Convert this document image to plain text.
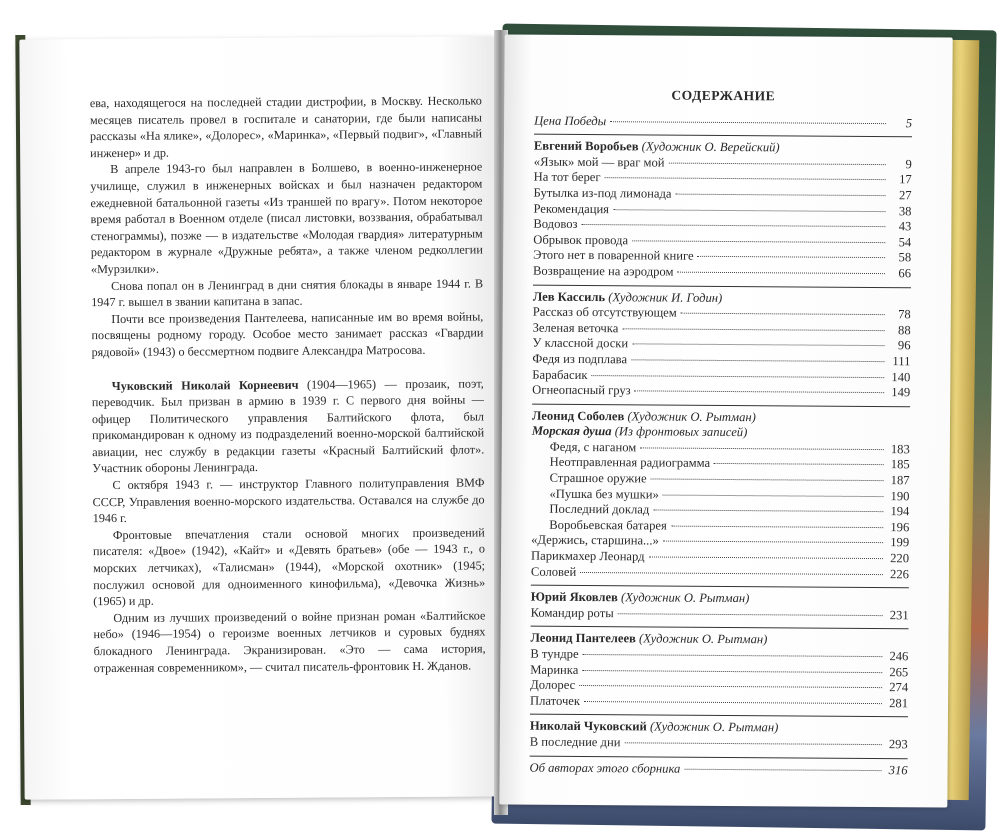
ева, находящегося на последней стадии дистрофии, в Москву. Несколько месяцев писатель провел в госпитале и санатории, где были написаны рассказы «На ялике», «Долорес», «Маринка», «Первый подвиг», «Главный инженер» и др.

В апреле 1943-го был направлен в Болшево, в военно-инженерное училище, служил в инженерных войсках и был назначен редактором ежедневной батальонной газеты «Из траншей по врагу». Потом некоторое время работал в Военном отделе (писал листовки, воззвания, обрабатывал стенограммы), позже — в издательстве «Молодая гвардия» литературным редактором в журнале «Дружные ребята», а также членом редколлегии «Мурзилки».

Снова попал он в Ленинград в дни снятия блокады в январе 1944 г. В 1947 г. вышел в звании капитана в запас.

Почти все произведения Пантелеева, написанные им во время войны, посвящены родному городу. Особое место занимает рассказ «Гвардии рядовой» (1943) о бессмертном подвиге Александра Матросова.

Чуковский Николай Корнеевич (1904—1965) — прозаик, поэт, переводчик. Был призван в армию в 1939 г. С первого дня войны — офицер Политического управления Балтийского флота, был прикомандирован к одному из подразделений военно-морской балтийской авиации, нес службу в редакции газеты «Красный Балтийский флот». Участник обороны Ленинграда.

С октября 1943 г. — инструктор Главного политуправления ВМФ СССР, Управления военно-морского издательства. Оставался на службе до 1946 г.

Фронтовые впечатления стали основой многих произведений писателя: «Двое» (1942), «Кайт» и «Девять братьев» (обе — 1943 г., о морских летчиках), «Талисман» (1944), «Морской охотник» (1945; послужил основой для одноименного кинофильма), «Девочка Жизнь» (1965) и др.

Одним из лучших произведений о войне признан роман «Балтийское небо» (1946—1954) о героизме военных летчиков и суровых буднях блокадного Ленинграда. Экранизирован. «Это — сама история, отраженная современником», — считал писатель-фронтовик Н. Жданов.

СОДЕРЖАНИЕ
Цена Победы	5
Евгений Воробьев (Художник О. Верейский)
«Язык» мой — враг мой	9
На тот берег	17
Бутылка из-под лимонада	27
Рекомендация	38
Водовоз	43
Обрывок провода	54
Этого нет в поваренной книге	58
Возвращение на аэродром	66
Лев Кассиль (Художник И. Годин)
Рассказ об отсутствующем	78
Зеленая веточка	88
У классной доски	96
Федя из подплава	111
Барабасик	140
Огнеопасный груз	149
Леонид Соболев (Художник О. Рытман)
Морская душа (Из фронтовых записей)
Федя, с наганом	183
Неотправленная радиограмма	185
Страшное оружие	187
«Пушка без мушки»	190
Последний доклад	194
Воробьевская батарея	196
«Держись, старшина...»	199
Парикмахер Леонард	220
Соловей	226
Юрий Яковлев (Художник О. Рытман)
Командир роты	231
Леонид Пантелеев (Художник О. Рытман)
В тундре	246
Маринка	265
Долорес	274
Платочек	281
Николай Чуковский (Художник О. Рытман)
В последние дни	293
Об авторах этого сборника	316
